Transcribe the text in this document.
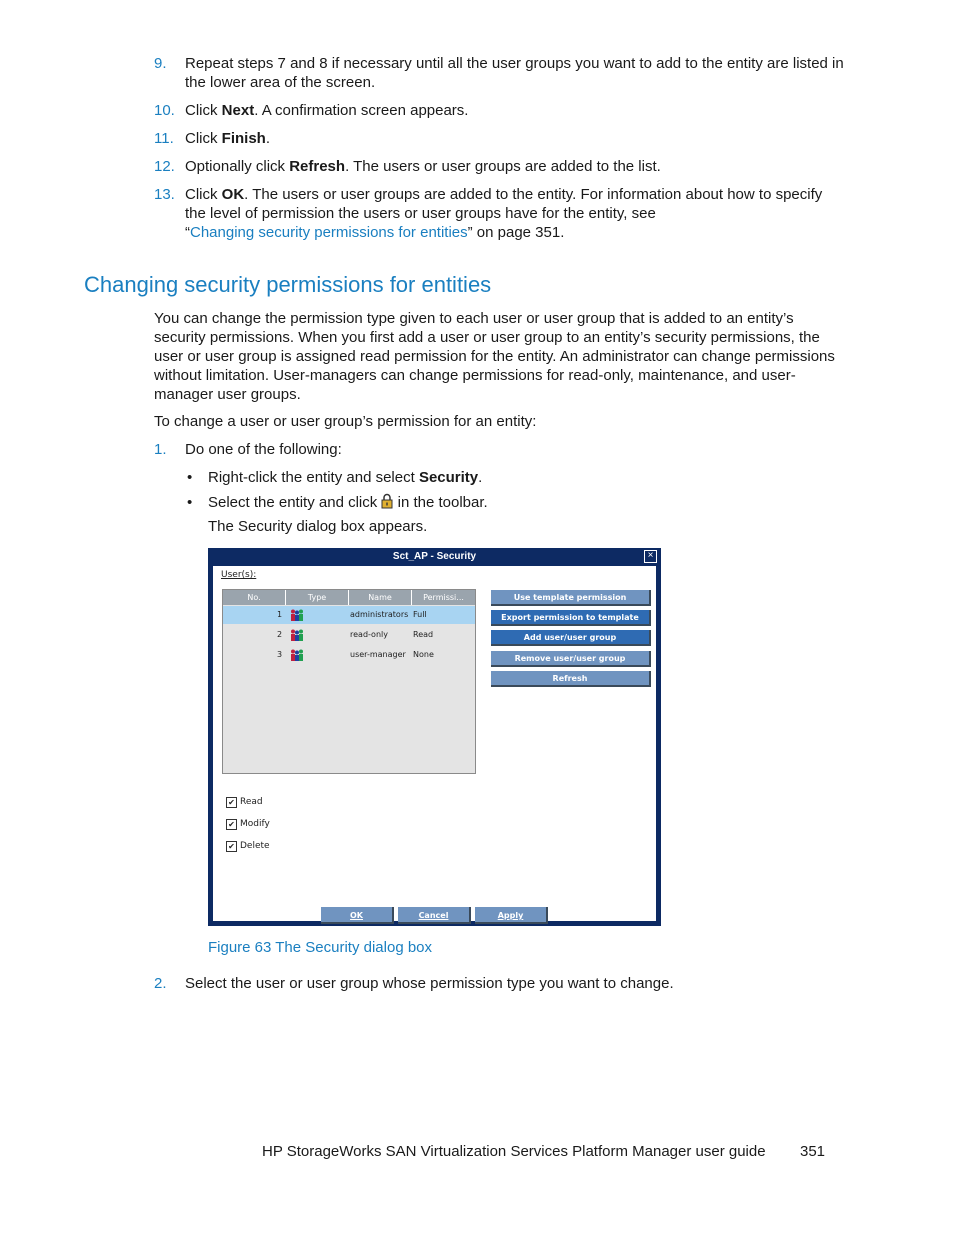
9. Repeat steps 7 and 8 if necessary until all the user groups you want to add to the entity are listed in the lower area of the screen.
10. Click Next. A confirmation screen appears.
11. Click Finish.
12. Optionally click Refresh. The users or user groups are added to the list.
13. Click OK. The users or user groups are added to the entity. For information about how to specify the level of permission the users or user groups have for the entity, see
“Changing security permissions for entities” on page 351.
Changing security permissions for entities
You can change the permission type given to each user or user group that is added to an entity’s security permissions. When you first add a user or user group to an entity’s security permissions, the user or user group is assigned read permission for the entity. An administrator can change permissions without limitation. User-managers can change permissions for read-only, maintenance, and user-manager user groups.
To change a user or user group’s permission for an entity:
1. Do one of the following:
• Right-click the entity and select Security.
• Select the entity and click  in the toolbar.
The Security dialog box appears.
Sct_AP - Security	×
User(s):
No.	Type	Name	Permissi...
1	administrators Full
2	read-only	Read
3	user-manager None
Use template permission
Export permission to template
Add user/user group
Remove user/user group
Refresh
✔ Read
✔ Modify
✔ Delete
OK	Cancel	Apply
Figure 63 The Security dialog box
2. Select the user or user group whose permission type you want to change.
HP StorageWorks SAN Virtualization Services Platform Manager user guide 351
